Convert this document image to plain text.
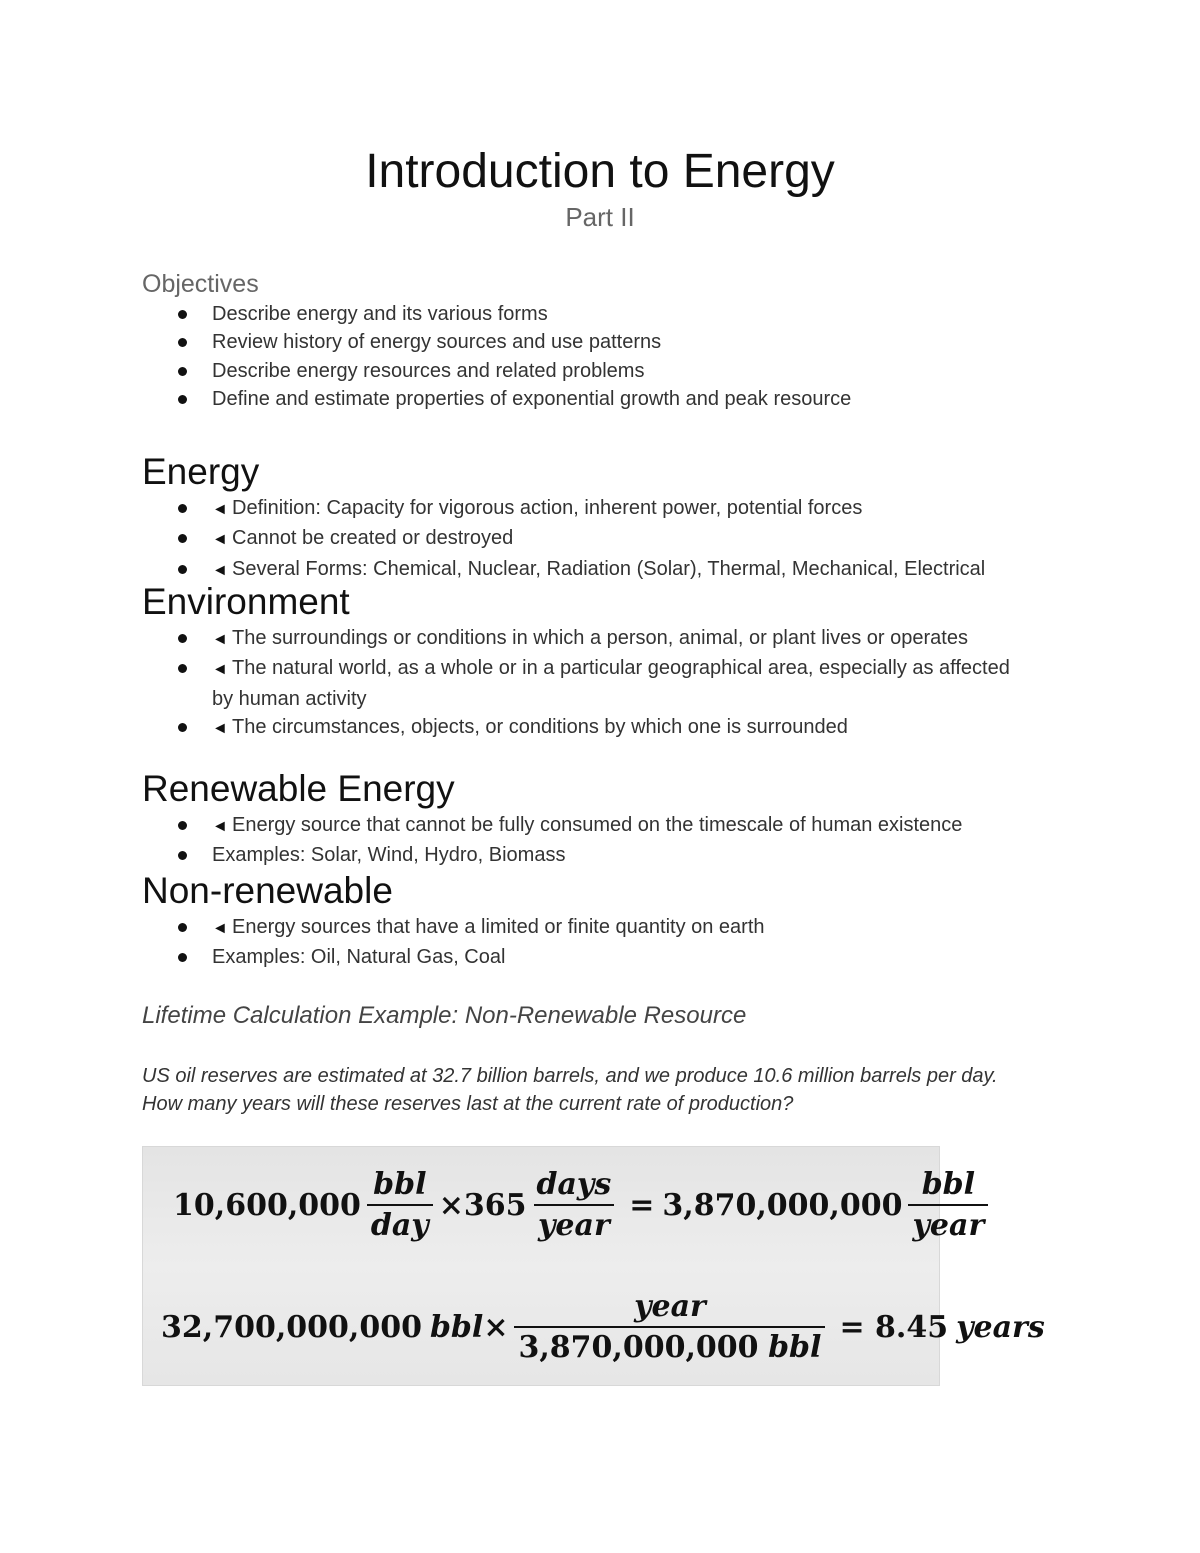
Introduction to Energy
Part II
Objectives
Describe energy and its various forms
Review history of energy sources and use patterns
Describe energy resources and related problems
Define and estimate properties of exponential growth and peak resource
Energy
◄ Definition: Capacity for vigorous action, inherent power, potential forces
◄ Cannot be created or destroyed
◄ Several Forms: Chemical, Nuclear, Radiation (Solar), Thermal, Mechanical, Electrical
Environment
◄ The surroundings or conditions in which a person, animal, or plant lives or operates
◄ The natural world, as a whole or in a particular geographical area, especially as affected by human activity
◄ The circumstances, objects, or conditions by which one is surrounded
Renewable Energy
◄ Energy source that cannot be fully consumed on the timescale of human existence
Examples: Solar, Wind, Hydro, Biomass
Non-renewable
◄ Energy sources that have a limited or finite quantity on earth
Examples: Oil, Natural Gas, Coal
Lifetime Calculation Example: Non-Renewable Resource

US oil reserves are estimated at 32.7 billion barrels, and we produce 10.6 million barrels per day. How many years will these reserves last at the current rate of production?

$10,600,000 \frac{\text{bbl}}{\text{day}} \times 365 \frac{\text{days}}{\text{year}} = 3,870,000,000 \frac{\text{bbl}}{\text{year}}$
32,700,000,000 bbl × $\frac{\text{year}}{\text{3,870,000,000 bbl}} = 8.45$ years
